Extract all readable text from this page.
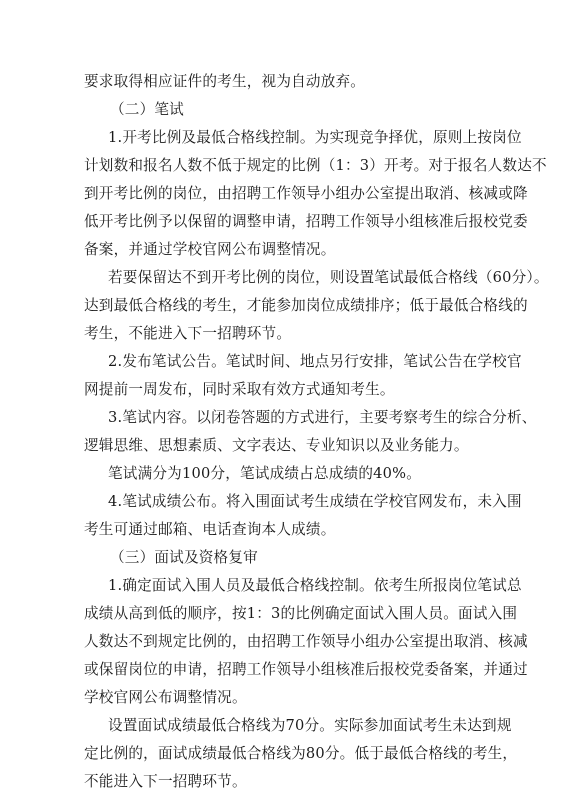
要求取得相应证件的考生，视为自动放弃。
（二）笔试
1.开考比例及最低合格线控制。为实现竞争择优，原则上按岗位
计划数和报名人数不低于规定的比例（1：3）开考。对于报名人数达不
到开考比例的岗位，由招聘工作领导小组办公室提出取消、核减或降
低开考比例予以保留的调整申请，招聘工作领导小组核准后报校党委
备案，并通过学校官网公布调整情况。
若要保留达不到开考比例的岗位，则设置笔试最低合格线（60分）。
达到最低合格线的考生，才能参加岗位成绩排序；低于最低合格线的
考生，不能进入下一招聘环节。
2.发布笔试公告。笔试时间、地点另行安排，笔试公告在学校官
网提前一周发布，同时采取有效方式通知考生。
3.笔试内容。以闭卷答题的方式进行，主要考察考生的综合分析、
逻辑思维、思想素质、文字表达、专业知识以及业务能力。
笔试满分为100分，笔试成绩占总成绩的40%。
4.笔试成绩公布。将入围面试考生成绩在学校官网发布，未入围
考生可通过邮箱、电话查询本人成绩。
（三）面试及资格复审
1.确定面试入围人员及最低合格线控制。依考生所报岗位笔试总
成绩从高到低的顺序，按1：3的比例确定面试入围人员。面试入围
人数达不到规定比例的，由招聘工作领导小组办公室提出取消、核减
或保留岗位的申请，招聘工作领导小组核准后报校党委备案，并通过
学校官网公布调整情况。
设置面试成绩最低合格线为70分。实际参加面试考生未达到规
定比例的，面试成绩最低合格线为80分。低于最低合格线的考生，
不能进入下一招聘环节。
